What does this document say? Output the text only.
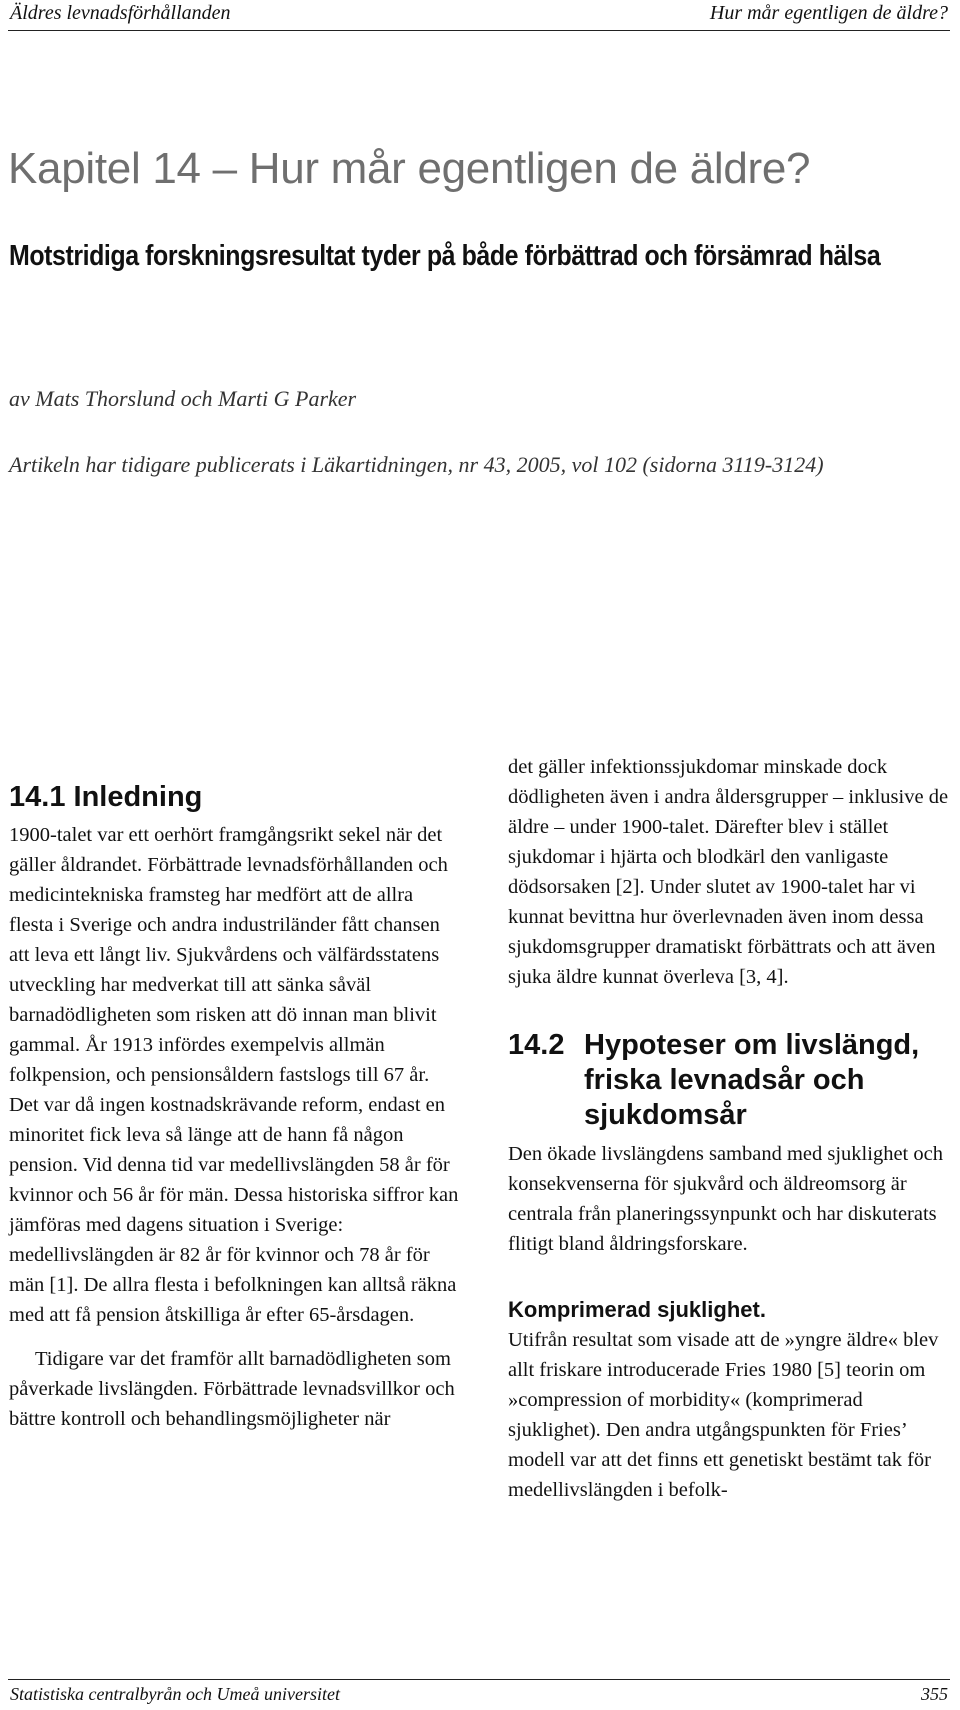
Äldres levnadsförhållanden	Hur mår egentligen de äldre?
Kapitel 14 – Hur mår egentligen de äldre?
Motstridiga forskningsresultat tyder på både förbättrad och försämrad hälsa
av Mats Thorslund och Marti G Parker
Artikeln har tidigare publicerats i Läkartidningen, nr 43, 2005, vol 102 (sidorna 3119-3124)
14.1 Inledning

1900-talet var ett oerhört framgångsrikt sekel när det gäller åldrandet. Förbättrade levnadsförhållanden och medicintekniska framsteg har medfört att de allra flesta i Sverige och andra industriländer fått chansen att leva ett långt liv. Sjukvårdens och välfärdsstatens utveckling har medverkat till att sänka såväl barnadödligheten som risken att dö innan man blivit gammal. År 1913 infördes exempelvis allmän folkpension, och pensionsåldern fastslogs till 67 år. Det var då ingen kostnadskrävande reform, endast en minoritet fick leva så länge att de hann få någon pension. Vid denna tid var medellivslängden 58 år för kvinnor och 56 år för män. Dessa historiska siffror kan jämföras med dagens situation i Sverige: medellivslängden är 82 år för kvinnor och 78 år för män [1]. De allra flesta i befolkningen kan alltså räkna med att få pension åtskilliga år efter 65-årsdagen.

Tidigare var det framför allt barnadödligheten som påverkade livslängden. Förbättrade levnadsvillkor och bättre kontroll och behandlingsmöjligheter när

det gäller infektionssjukdomar minskade dock dödligheten även i andra åldersgrupper – inklusive de äldre – under 1900-talet. Därefter blev i stället sjukdomar i hjärta och blodkärl den vanligaste dödsorsaken [2]. Under slutet av 1900-talet har vi kunnat bevittna hur överlevnaden även inom dessa sjukdomsgrupper dramatiskt förbättrats och att även sjuka äldre kunnat överleva [3, 4].

14.2 Hypoteser om livslängd, friska levnadsår och sjukdomsår

Den ökade livslängdens samband med sjuklighet och konsekvenserna för sjukvård och äldreomsorg är centrala från planeringssynpunkt och har diskuterats flitigt bland åldringsforskare.

Komprimerad sjuklighet.

Utifrån resultat som visade att de »yngre äldre« blev allt friskare introducerade Fries 1980 [5] teorin om »compression of morbidity« (komprimerad sjuklighet). Den andra utgångspunkten för Fries’ modell var att det finns ett genetiskt bestämt tak för medellivslängden i befolk-

Statistiska centralbyrån och Umeå universitet	355
